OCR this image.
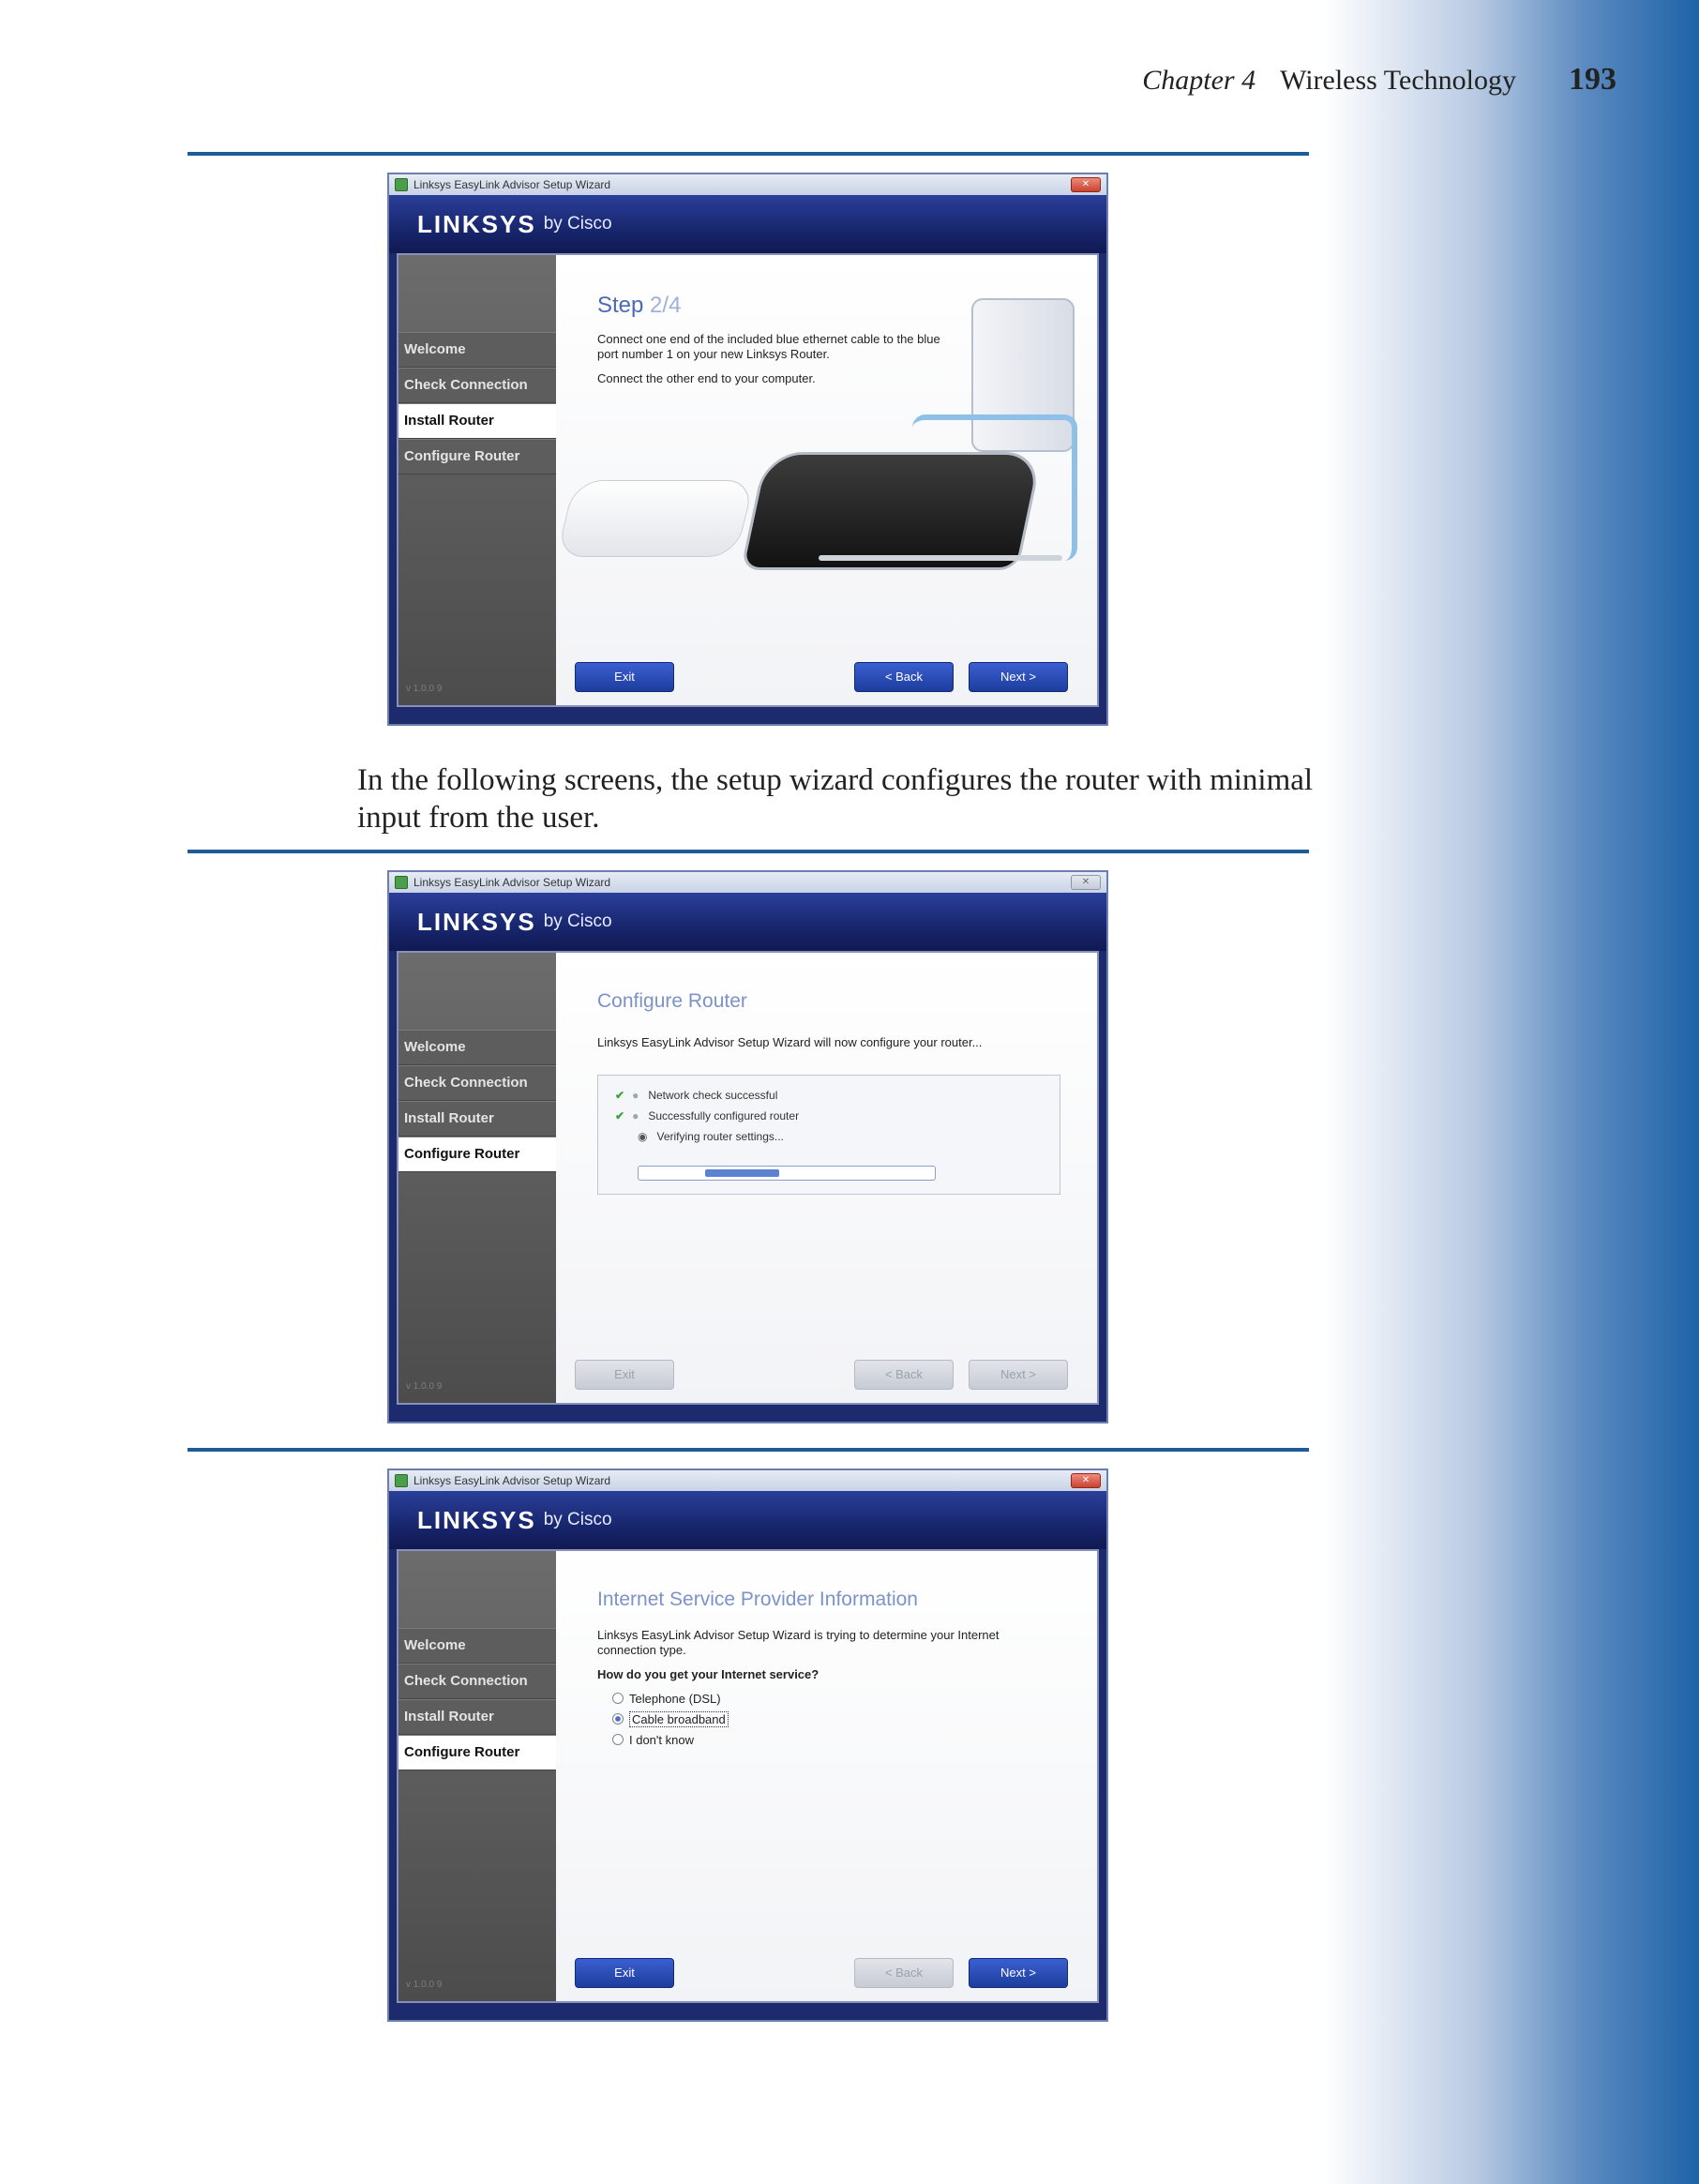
Chapter 4 Wireless Technology 193
Linksys EasyLink Advisor Setup Wizard	✕
LINKSYS by Cisco
Welcome
Check Connection
Install Router
Configure Router
v 1.0.0 9
Step 2/4
Connect one end of the included blue ethernet cable to the blue port number 1 on your new Linksys Router.
Connect the other end to your computer.
Exit	< Back	Next >
In the following screens, the setup wizard configures the router with minimal input from the user.
Linksys EasyLink Advisor Setup Wizard	✕
LINKSYS by Cisco
Welcome
Check Connection
Install Router
Configure Router
v 1.0.0 9
Configure Router
Linksys EasyLink Advisor Setup Wizard will now configure your router...
✔ ● Network check successful
✔ ● Successfully configured router
◉ Verifying router settings...
Exit	< Back	Next >
Linksys EasyLink Advisor Setup Wizard	✕
LINKSYS by Cisco
Welcome
Check Connection
Install Router
Configure Router
v 1.0.0 9
Internet Service Provider Information
Linksys EasyLink Advisor Setup Wizard is trying to determine your Internet connection type.
How do you get your Internet service?
Telephone (DSL)
Cable broadband
I don't know
Exit	< Back	Next >
